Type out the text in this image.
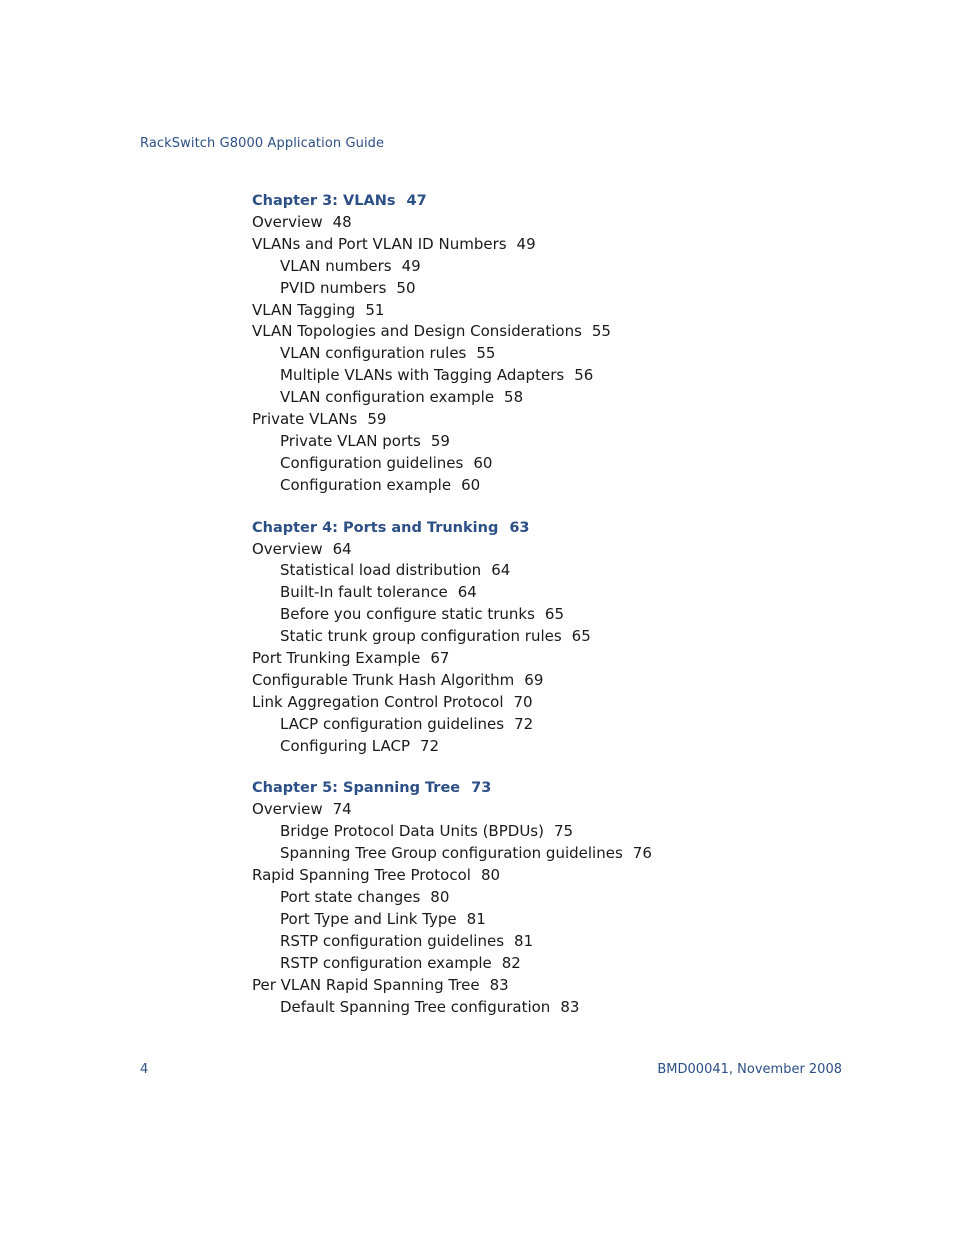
RackSwitch G8000 Application Guide
Chapter 3: VLANs 47
Overview 48
VLANs and Port VLAN ID Numbers 49
VLAN numbers 49
PVID numbers 50
VLAN Tagging 51
VLAN Topologies and Design Considerations 55
VLAN configuration rules 55
Multiple VLANs with Tagging Adapters 56
VLAN configuration example 58
Private VLANs 59
Private VLAN ports 59
Configuration guidelines 60
Configuration example 60
Chapter 4: Ports and Trunking 63
Overview 64
Statistical load distribution 64
Built-In fault tolerance 64
Before you configure static trunks 65
Static trunk group configuration rules 65
Port Trunking Example 67
Configurable Trunk Hash Algorithm 69
Link Aggregation Control Protocol 70
LACP configuration guidelines 72
Configuring LACP 72
Chapter 5: Spanning Tree 73
Overview 74
Bridge Protocol Data Units (BPDUs) 75
Spanning Tree Group configuration guidelines 76
Rapid Spanning Tree Protocol 80
Port state changes 80
Port Type and Link Type 81
RSTP configuration guidelines 81
RSTP configuration example 82
Per VLAN Rapid Spanning Tree 83
Default Spanning Tree configuration 83
4	BMD00041, November 2008
